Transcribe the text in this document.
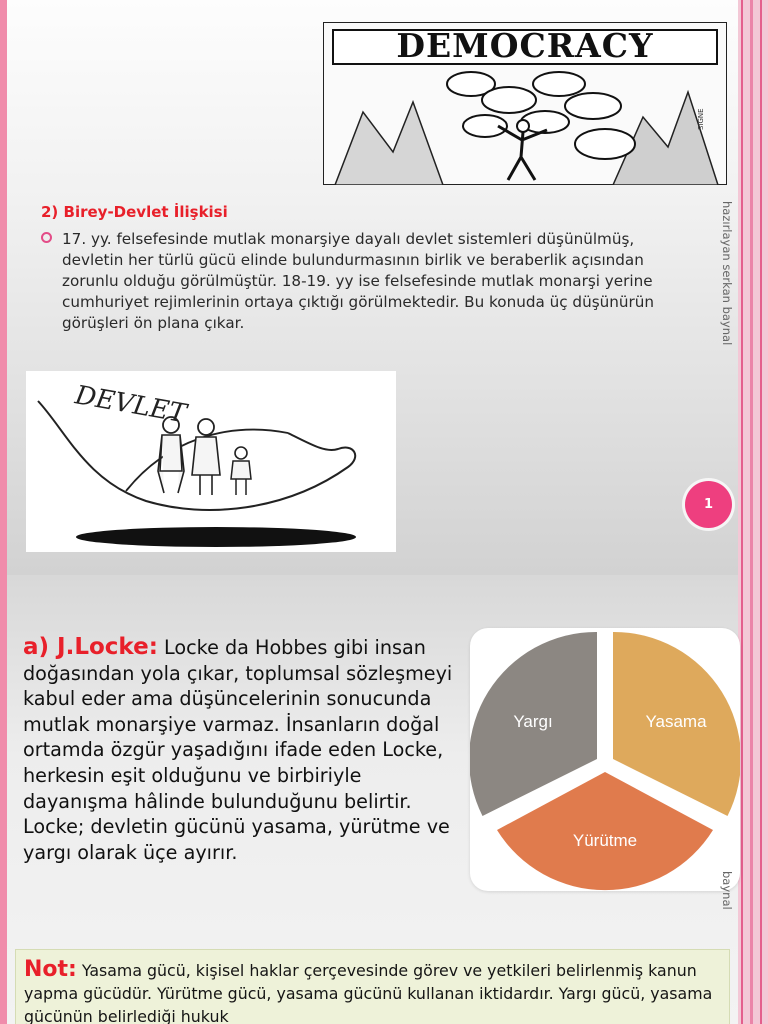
DEMOCRACY
SIGNE

2) Birey-Devlet İlişkisi

17. yy. felsefesinde mutlak monarşiye dayalı devlet sistemleri düşünülmüş, devletin her türlü gücü elinde bulundurmasının birlik ve beraberlik açısından zorunlu olduğu görülmüştür. 18-19. yy ise felsefesinde mutlak monarşi yerine cumhuriyet rejimlerinin ortaya çıktığı görülmektedir. Bu konuda üç düşünürün görüşleri ön plana çıkar.
DEVLET

hazırlayan serkan baynal

1

a) J.Locke: Locke da Hobbes gibi insan doğasından yola çıkar, toplumsal sözleşmeyi kabul eder ama düşüncelerinin sonucunda mutlak monarşiye varmaz. İnsanların doğal ortamda özgür yaşadığını ifade eden Locke, herkesin eşit olduğunu ve birbiriyle dayanışma hâlinde bulunduğunu belirtir. Locke; devletin gücünü yasama, yürütme ve yargı olarak üçe ayırır.

Yargı	Yasama
Yürütme

baynal

Not: Yasama gücü, kişisel haklar çerçevesinde görev ve yetkileri belirlenmiş kanun yapma gücüdür. Yürütme gücü, yasama gücünü kullanan iktidardır. Yargı gücü, yasama gücünün belirlediği hukuk
